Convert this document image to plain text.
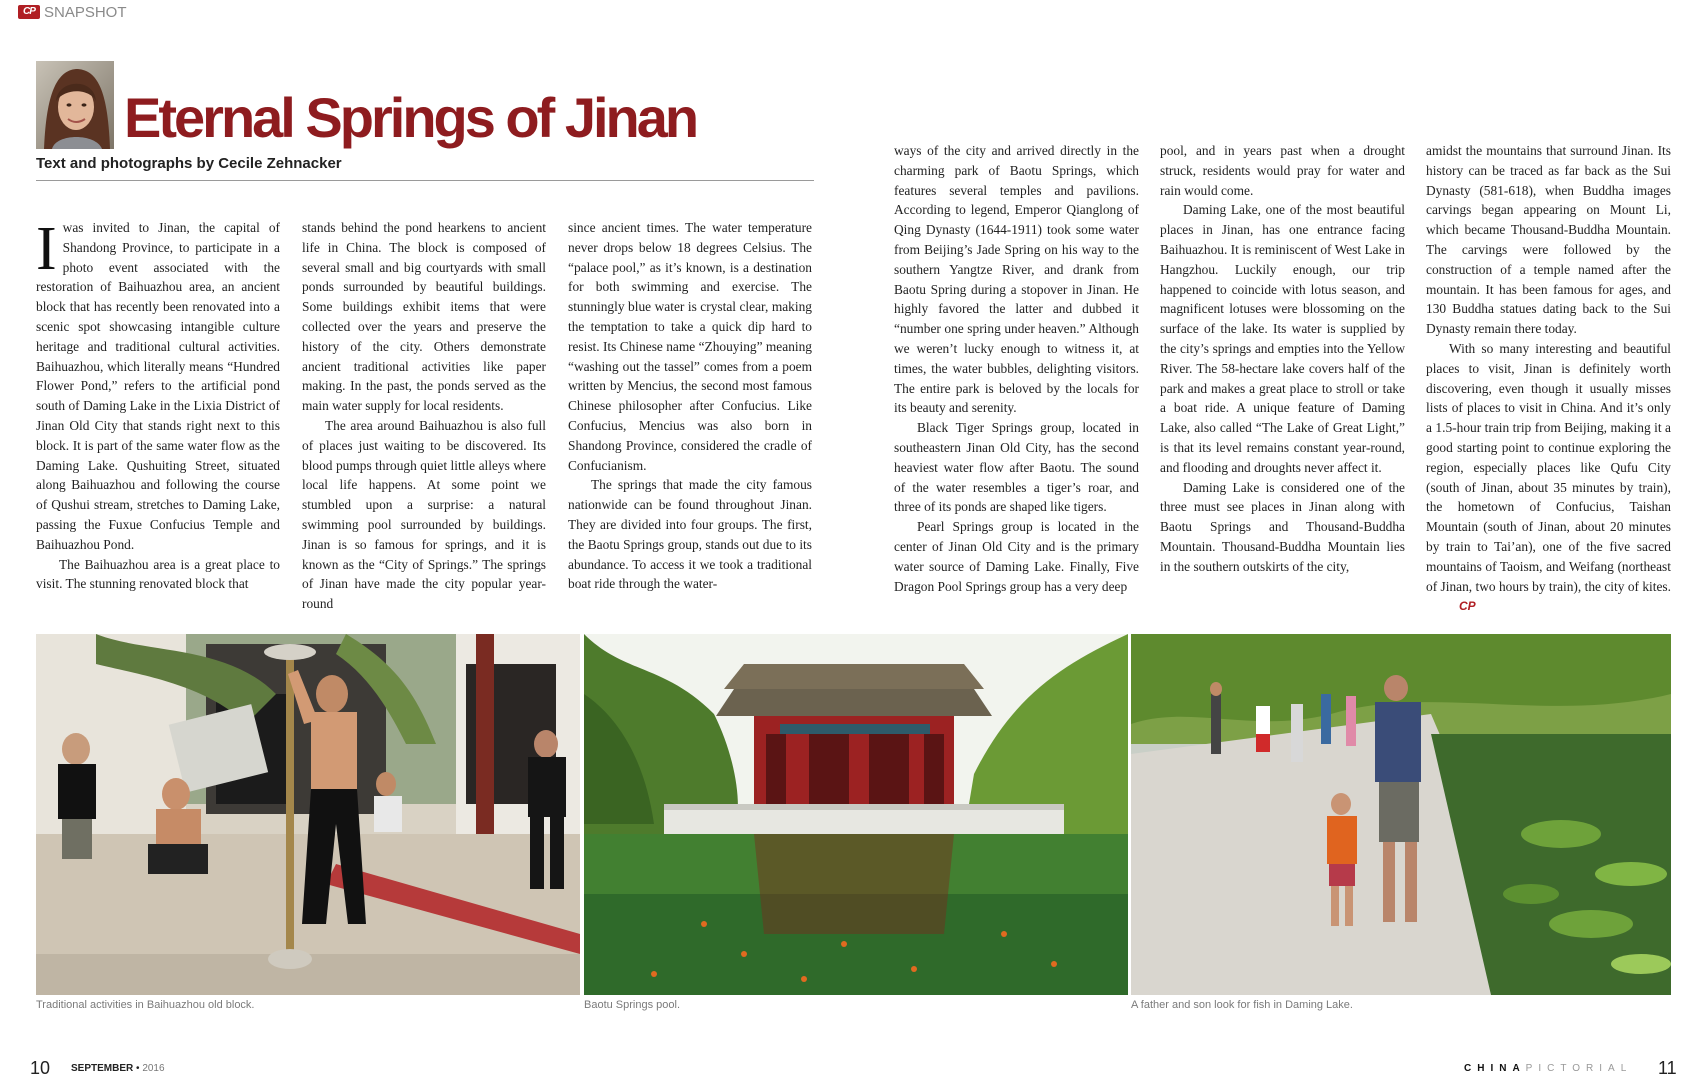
CP SNAPSHOT
Eternal Springs of Jinan
Text and photographs by Cecile Zehnacker

Iwas invited to Jinan, the capital of Shandong Province, to participate in a photo event associated with the restoration of Baihuazhou area, an ancient block that has recently been renovated into a scenic spot showcasing intangible culture heritage and traditional cultural activities. Baihuazhou, which literally means “Hundred Flower Pond,” refers to the artificial pond south of Daming Lake in the Lixia District of Jinan Old City that stands right next to this block. It is part of the same water flow as the Daming Lake. Qushuiting Street, situated along Baihuazhou and following the course of Qushui stream, stretches to Daming Lake, passing the Fuxue Confucius Temple and Baihuazhou Pond.

The Baihuazhou area is a great place to visit. The stunning renovated block that

stands behind the pond hearkens to ancient life in China. The block is composed of several small and big courtyards with small ponds surrounded by beautiful buildings. Some buildings exhibit items that were collected over the years and preserve the history of the city. Others demonstrate ancient traditional activities like paper making. In the past, the ponds served as the main water supply for local residents.

The area around Baihuazhou is also full of places just waiting to be discovered. Its blood pumps through quiet little alleys where local life happens. At some point we stumbled upon a surprise: a natural swimming pool surrounded by buildings. Jinan is so famous for springs, and it is known as the “City of Springs.” The springs of Jinan have made the city popular year-round

since ancient times. The water temperature never drops below 18 degrees Celsius. The “palace pool,” as it’s known, is a destination for both swimming and exercise. The stunningly blue water is crystal clear, making the temptation to take a quick dip hard to resist. Its Chinese name “Zhouying” meaning “washing out the tassel” comes from a poem written by Mencius, the second most famous Chinese philosopher after Confucius. Like Confucius, Mencius was also born in Shandong Province, considered the cradle of Confucianism.

The springs that made the city famous nationwide can be found throughout Jinan. They are divided into four groups. The first, the Baotu Springs group, stands out due to its abundance. To access it we took a traditional boat ride through the water-

ways of the city and arrived directly in the charming park of Baotu Springs, which features several temples and pavilions. According to legend, Emperor Qianglong of Qing Dynasty (1644-1911) took some water from Beijing’s Jade Spring on his way to the southern Yangtze River, and drank from Baotu Spring during a stopover in Jinan. He highly favored the latter and dubbed it “number one spring under heaven.” Although we weren’t lucky enough to witness it, at times, the water bubbles, delighting visitors. The entire park is beloved by the locals for its beauty and serenity.

Black Tiger Springs group, located in southeastern Jinan Old City, has the second heaviest water flow after Baotu. The sound of the water resembles a tiger’s roar, and three of its ponds are shaped like tigers.

Pearl Springs group is located in the center of Jinan Old City and is the primary water source of Daming Lake. Finally, Five Dragon Pool Springs group has a very deep

pool, and in years past when a drought struck, residents would pray for water and rain would come.

Daming Lake, one of the most beautiful places in Jinan, has one entrance facing Baihuazhou. It is reminiscent of West Lake in Hangzhou. Luckily enough, our trip happened to coincide with lotus season, and magnificent lotuses were blossoming on the surface of the lake. Its water is supplied by the city’s springs and empties into the Yellow River. The 58-hectare lake covers half of the park and makes a great place to stroll or take a boat ride. A unique feature of Daming Lake, also called “The Lake of Great Light,” is that its level remains constant year-round, and flooding and droughts never affect it.

Daming Lake is considered one of the three must see places in Jinan along with Baotu Springs and Thousand-Buddha Mountain. Thousand-Buddha Mountain lies in the southern outskirts of the city,

amidst the mountains that surround Jinan. Its history can be traced as far back as the Sui Dynasty (581-618), when Buddha images carvings began appearing on Mount Li, which became Thousand-Buddha Mountain. The carvings were followed by the construction of a temple named after the mountain. It has been famous for ages, and 130 Buddha statues dating back to the Sui Dynasty remain there today.

With so many interesting and beautiful places to visit, Jinan is definitely worth discovering, even though it usually misses lists of places to visit in China. And it’s only a 1.5-hour train trip from Beijing, making it a good starting point to continue exploring the region, especially places like Qufu City (south of Jinan, about 35 minutes by train), the hometown of Confucius, Taishan Mountain (south of Jinan, about 20 minutes by train to Tai’an), one of the five sacred mountains of Taoism, and Weifang (northeast of Jinan, two hours by train), the city of kites.CP

Traditional activities in Baihuazhou old block.	Baotu Springs pool.	A father and son look for fish in Daming Lake.
10 SEPTEMBER • 2016	CHINAPICTORIAL 11
